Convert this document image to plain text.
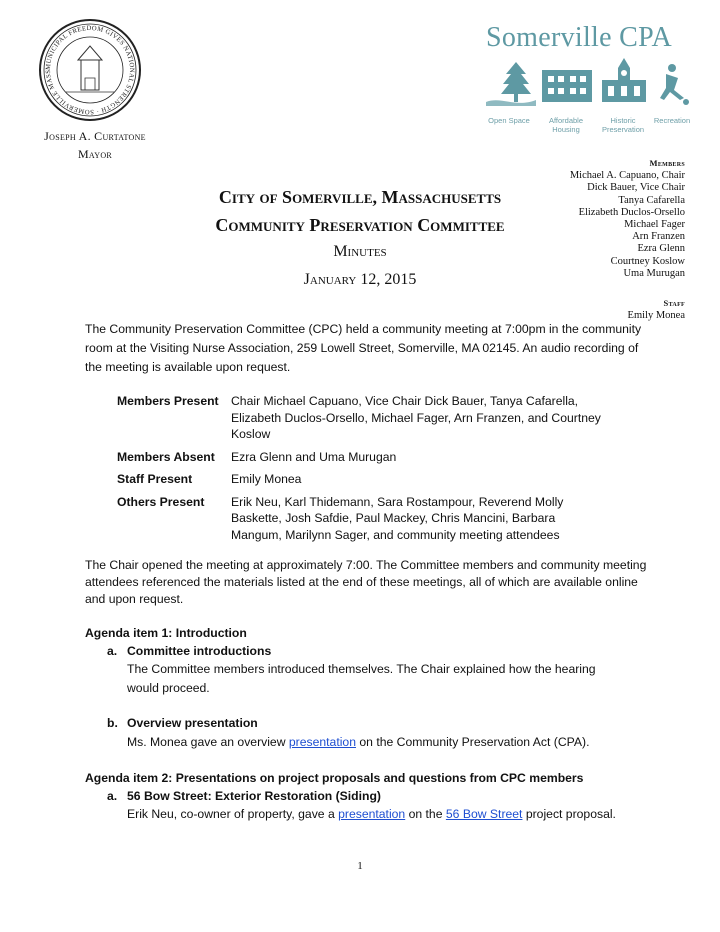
MUNICIPAL FREEDOM GIVES NATIONAL STRENGTH · SOMERVILLE MASS
Joseph A. Curtatone
Mayor
Somerville CPA
Open Space	Affordable Housing
Historic Preservation
Recreation
Members
Michael A. Capuano, Chair
Dick Bauer, Vice Chair
Tanya Cafarella
Elizabeth Duclos-Orsello
Michael Fager
Arn Franzen
Ezra Glenn
Courtney Koslow
Uma Murugan
Staff
Emily Monea
City of Somerville, Massachusetts
Community Preservation Committee
Minutes
January 12, 2015
The Community Preservation Committee (CPC) held a community meeting at 7:00pm in the community room at the Visiting Nurse Association, 259 Lowell Street, Somerville, MA 02145. An audio recording of the meeting is available upon request.
Members Present	Chair Michael Capuano, Vice Chair Dick Bauer, Tanya Cafarella, Elizabeth Duclos-Orsello, Michael Fager, Arn Franzen, and Courtney Koslow
Members Absent	Ezra Glenn and Uma Murugan
Staff Present	Emily Monea
Others Present	Erik Neu, Karl Thidemann, Sara Rostampour, Reverend Molly Baskette, Josh Safdie, Paul Mackey, Chris Mancini, Barbara Mangum, Marilynn Sager, and community meeting attendees
The Chair opened the meeting at approximately 7:00. The Committee members and community meeting attendees referenced the materials listed at the end of these meetings, all of which are available online and upon request.
Agenda item 1: Introduction
a. Committee introductions
The Committee members introduced themselves. The Chair explained how the hearing would proceed.
b. Overview presentation
Ms. Monea gave an overview presentation on the Community Preservation Act (CPA).
Agenda item 2: Presentations on project proposals and questions from CPC members
a. 56 Bow Street: Exterior Restoration (Siding)
Erik Neu, co-owner of property, gave a presentation on the 56 Bow Street project proposal.
1
